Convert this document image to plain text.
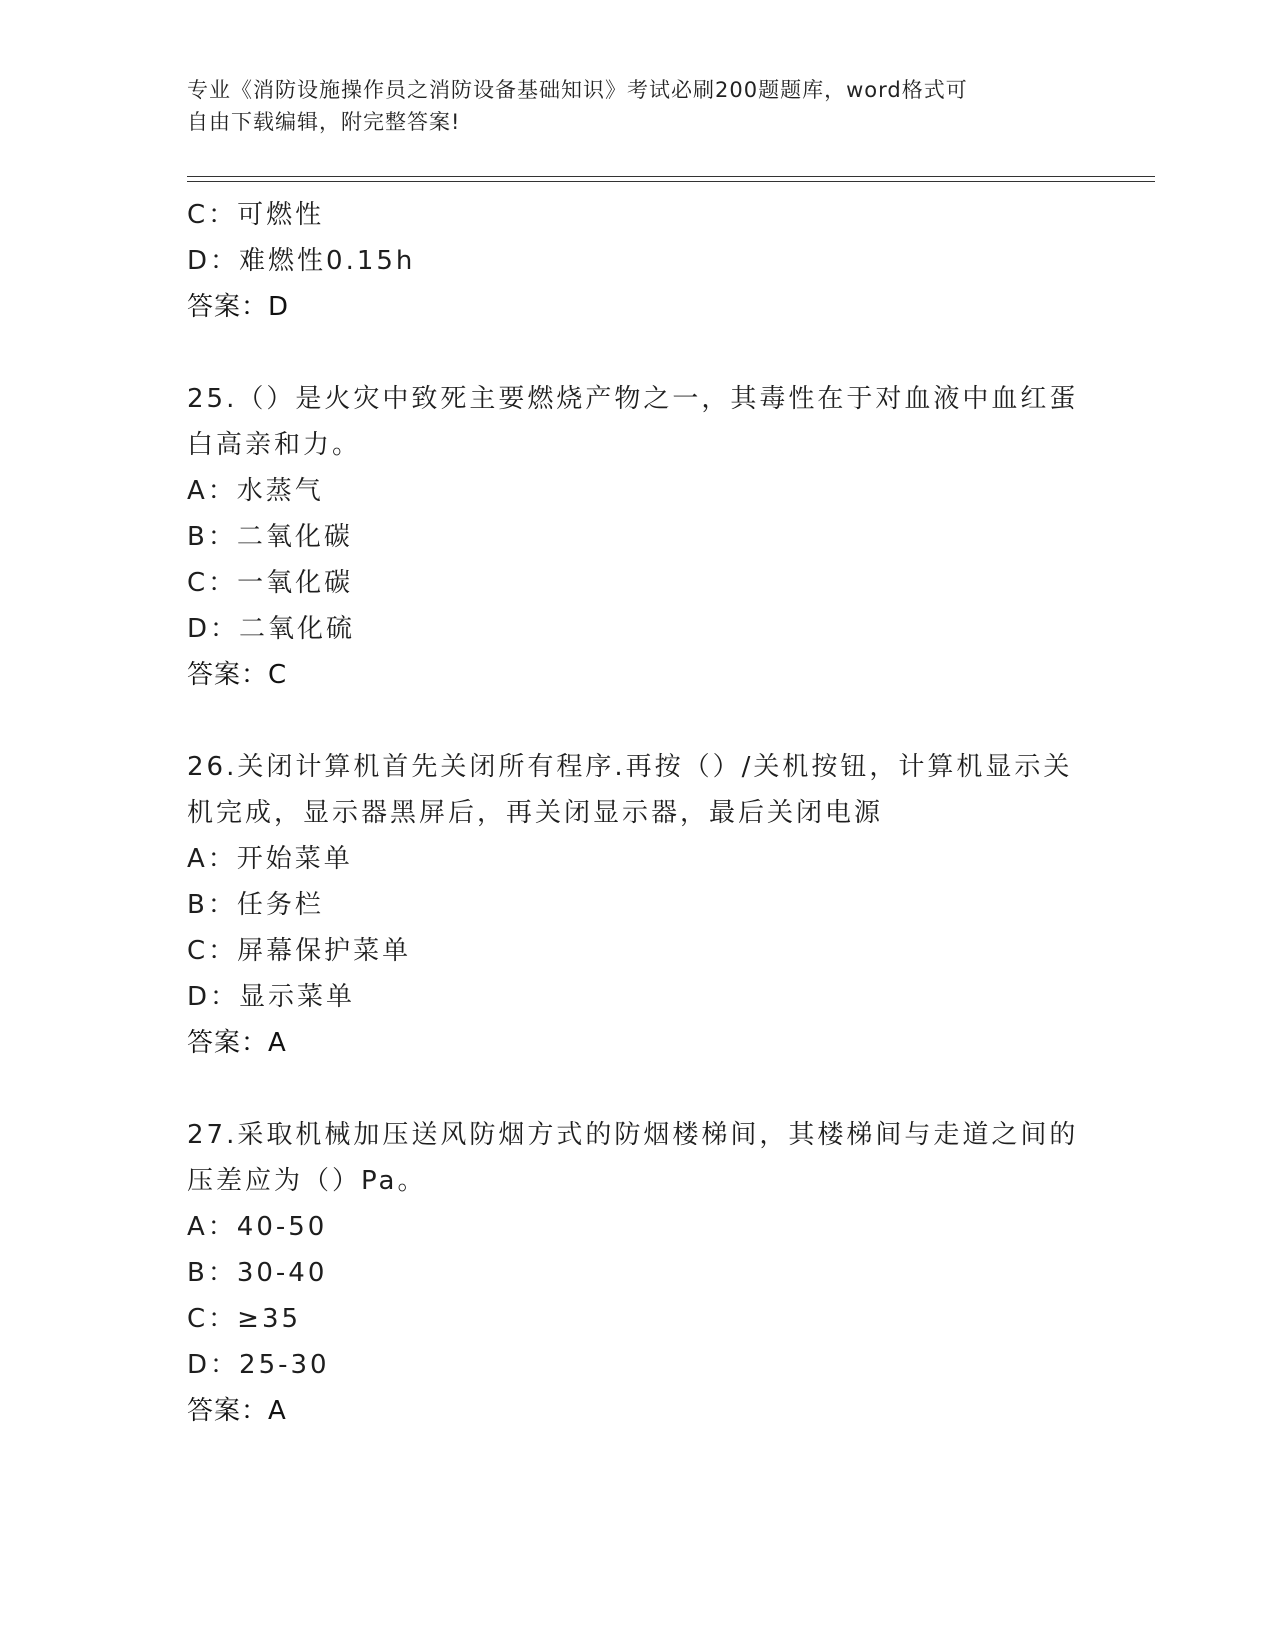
专业《消防设施操作员之消防设备基础知识》考试必刷200题题库，word格式可
自由下载编辑，附完整答案!
C：可燃性
D：难燃性0.15h
答案：D
25.（）是火灾中致死主要燃烧产物之一，其毒性在于对血液中血红蛋
白高亲和力。
A：水蒸气
B：二氧化碳
C：一氧化碳
D：二氧化硫
答案：C
26.关闭计算机首先关闭所有程序.再按（）/关机按钮，计算机显示关
机完成，显示器黑屏后，再关闭显示器，最后关闭电源
A：开始菜单
B：任务栏
C：屏幕保护菜单
D：显示菜单
答案：A
27.采取机械加压送风防烟方式的防烟楼梯间，其楼梯间与走道之间的
压差应为（）Pa。
A：40-50
B：30-40
C：≥35
D：25-30
答案：A
